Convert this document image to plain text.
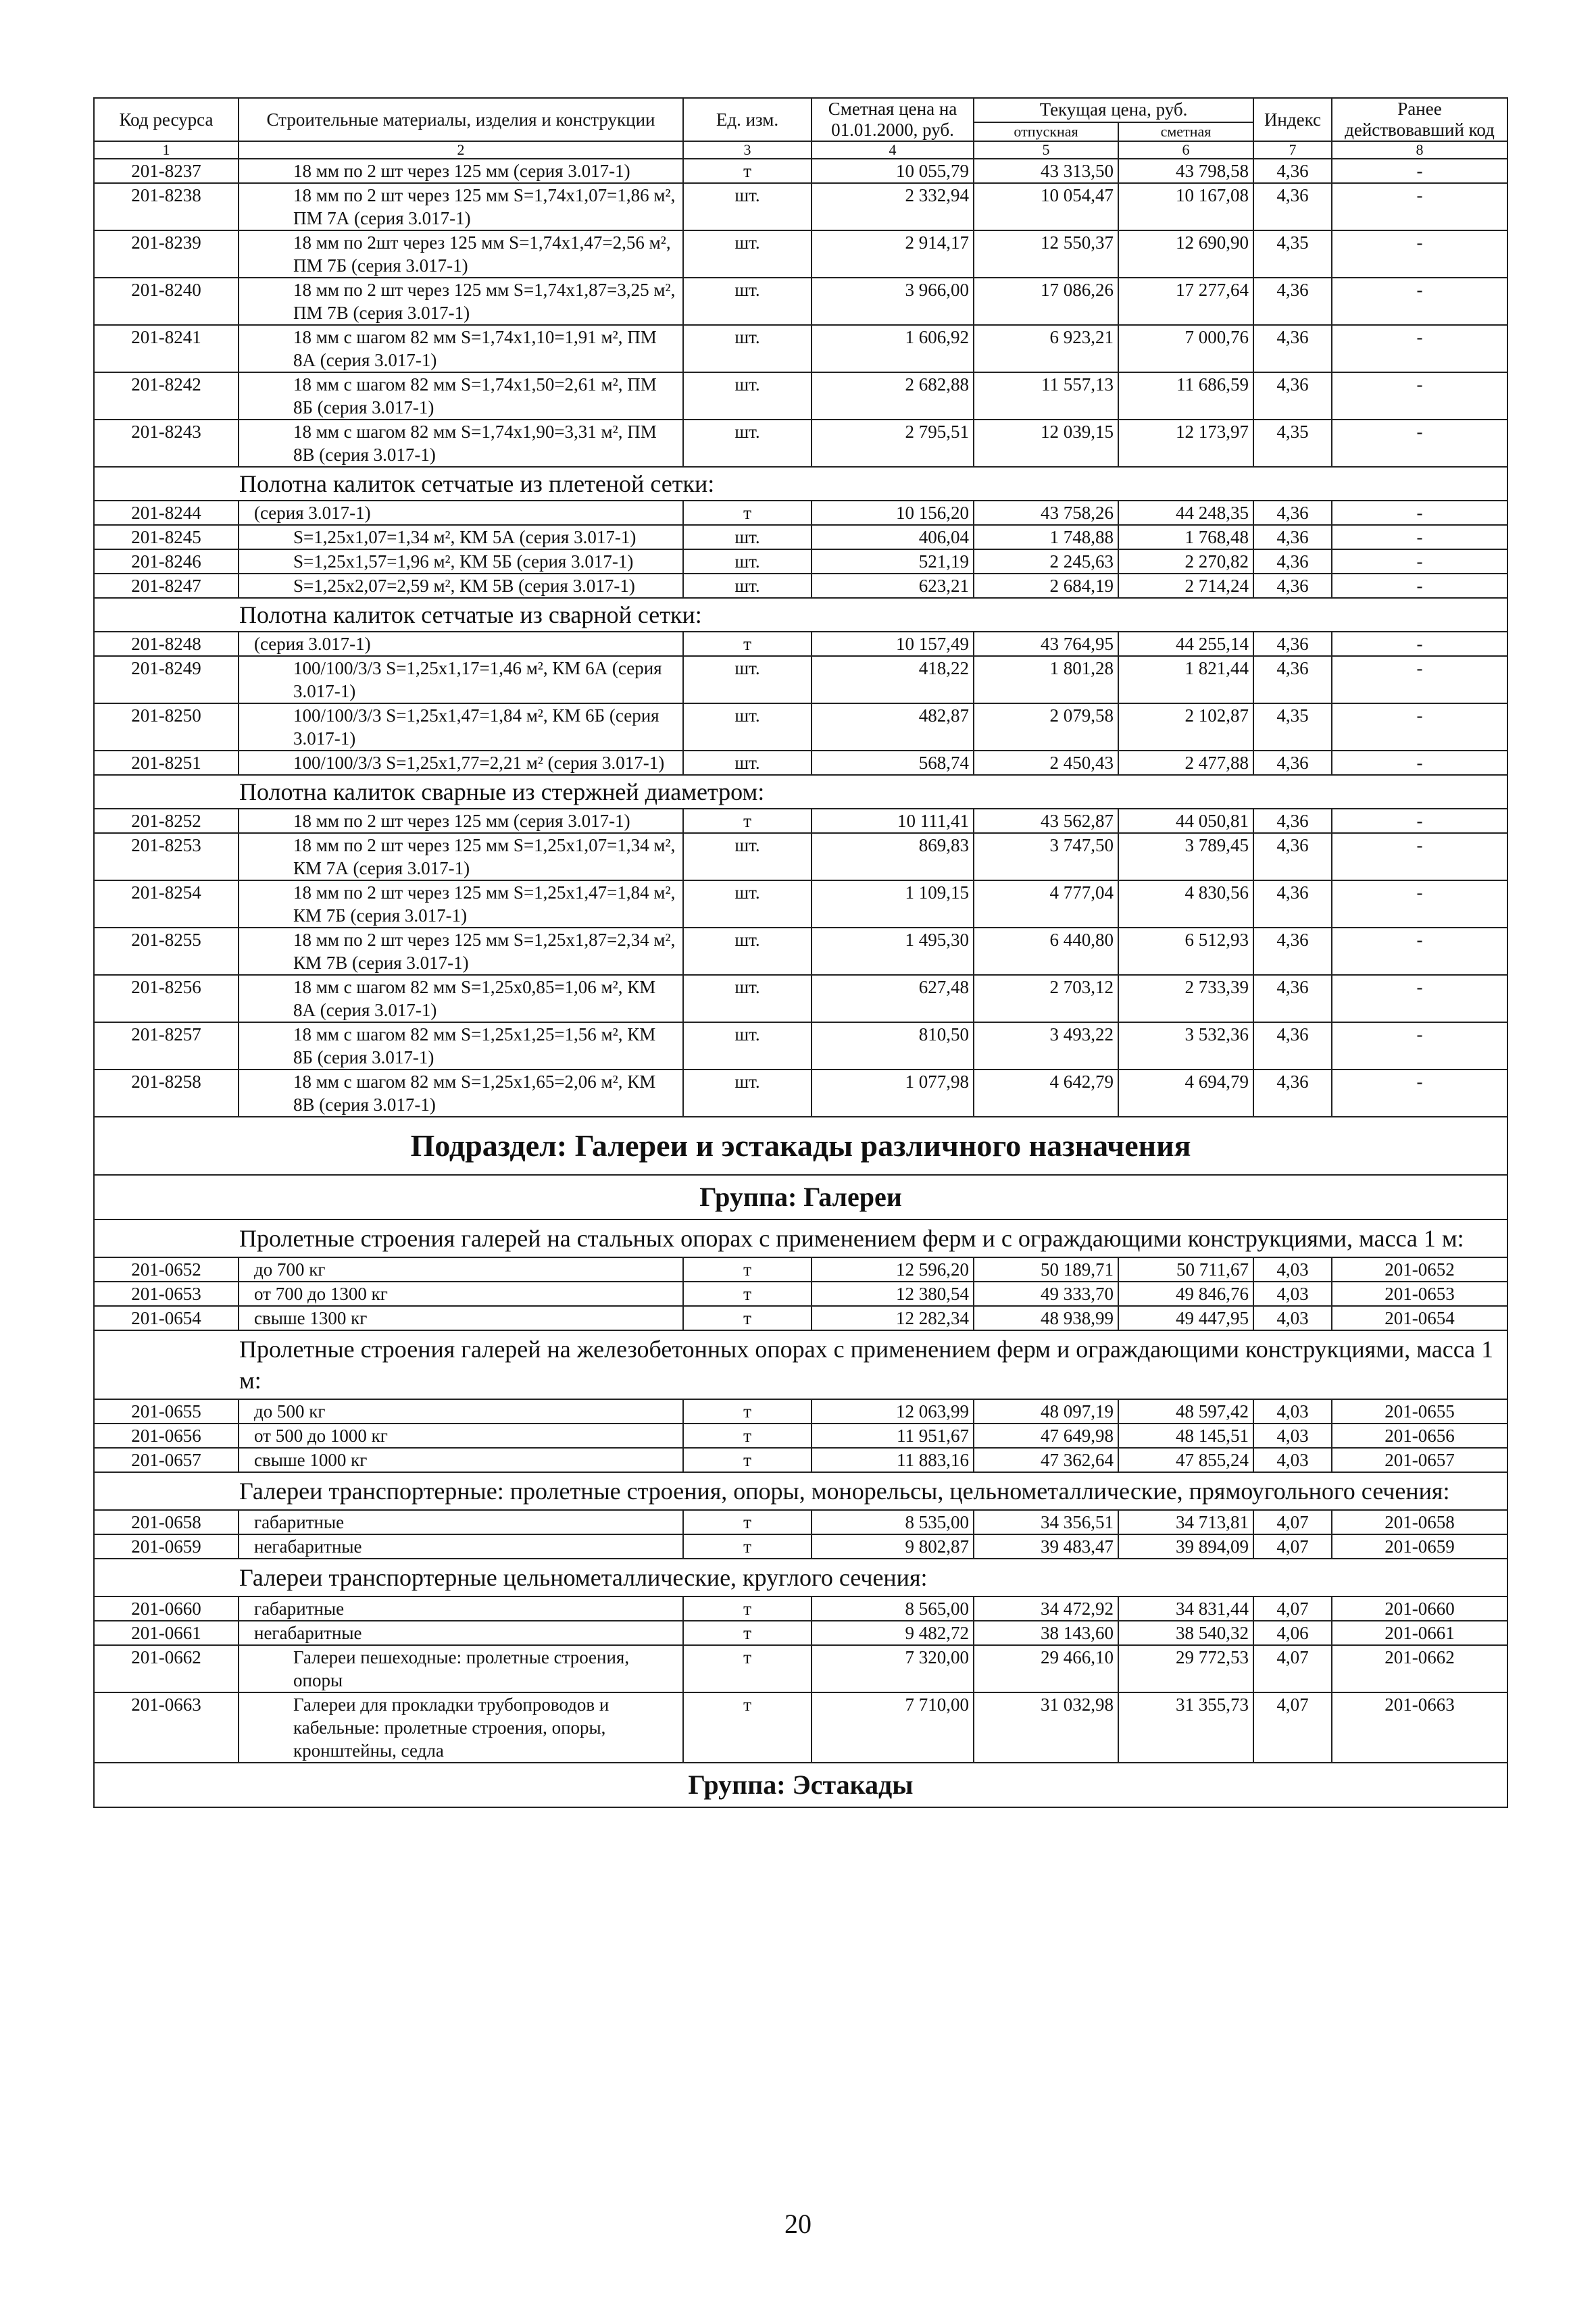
Код ресурса	Строительные материалы, изделия и конструкции	Ед. изм.	Сметная цена на 01.01.2000, руб.	Текущая цена, руб.		Индекс	Ранее действовавший код
				отпускная	сметная		
1	2	3	4	5	6	7	8
201-8237	18 мм по 2 шт через 125 мм (серия 3.017-1)	т	10 055,79	43 313,50	43 798,58	4,36	-
201-8238	18 мм по 2 шт через 125 мм S=1,74х1,07=1,86 м², ПМ 7А (серия 3.017-1)	шт.	2 332,94	10 054,47	10 167,08	4,36	-
201-8239	18 мм по 2шт через 125 мм S=1,74х1,47=2,56 м², ПМ 7Б (серия 3.017-1)	шт.	2 914,17	12 550,37	12 690,90	4,35	-
201-8240	18 мм по 2 шт через 125 мм S=1,74х1,87=3,25 м², ПМ 7В (серия 3.017-1)	шт.	3 966,00	17 086,26	17 277,64	4,36	-
201-8241	18 мм с шагом 82 мм S=1,74х1,10=1,91 м², ПМ 8А (серия 3.017-1)	шт.	1 606,92	6 923,21	7 000,76	4,36	-
201-8242	18 мм с шагом 82 мм S=1,74х1,50=2,61 м², ПМ 8Б (серия 3.017-1)	шт.	2 682,88	11 557,13	11 686,59	4,36	-
201-8243	18 мм с шагом 82 мм S=1,74х1,90=3,31 м², ПМ 8В (серия 3.017-1)	шт.	2 795,51	12 039,15	12 173,97	4,35	-
Полотна калиток сетчатые из плетеной сетки:							
201-8244	(серия 3.017-1)	т	10 156,20	43 758,26	44 248,35	4,36	-
201-8245	S=1,25х1,07=1,34 м², КМ 5А (серия 3.017-1)	шт.	406,04	1 748,88	1 768,48	4,36	-
201-8246	S=1,25х1,57=1,96 м², КМ 5Б (серия 3.017-1)	шт.	521,19	2 245,63	2 270,82	4,36	-
201-8247	S=1,25х2,07=2,59 м², КМ 5В (серия 3.017-1)	шт.	623,21	2 684,19	2 714,24	4,36	-
Полотна калиток сетчатые из сварной сетки:							
201-8248	(серия 3.017-1)	т	10 157,49	43 764,95	44 255,14	4,36	-
201-8249	100/100/3/3 S=1,25х1,17=1,46 м², КМ 6А (серия 3.017-1)	шт.	418,22	1 801,28	1 821,44	4,36	-
201-8250	100/100/3/3 S=1,25х1,47=1,84 м², КМ 6Б (серия 3.017-1)	шт.	482,87	2 079,58	2 102,87	4,35	-
201-8251	100/100/3/3 S=1,25х1,77=2,21 м² (серия 3.017-1)	шт.	568,74	2 450,43	2 477,88	4,36	-
Полотна калиток сварные из стержней диаметром:							
201-8252	18 мм по 2 шт через 125 мм (серия 3.017-1)	т	10 111,41	43 562,87	44 050,81	4,36	-
201-8253	18 мм по 2 шт через 125 мм S=1,25х1,07=1,34 м², КМ 7А (серия 3.017-1)	шт.	869,83	3 747,50	3 789,45	4,36	-
201-8254	18 мм по 2 шт через 125 мм S=1,25х1,47=1,84 м², КМ 7Б (серия 3.017-1)	шт.	1 109,15	4 777,04	4 830,56	4,36	-
201-8255	18 мм по 2 шт через 125 мм S=1,25х1,87=2,34 м², КМ 7В (серия 3.017-1)	шт.	1 495,30	6 440,80	6 512,93	4,36	-
201-8256	18 мм с шагом 82 мм S=1,25х0,85=1,06 м², КМ 8А (серия 3.017-1)	шт.	627,48	2 703,12	2 733,39	4,36	-
201-8257	18 мм с шагом 82 мм S=1,25х1,25=1,56 м², КМ 8Б (серия 3.017-1)	шт.	810,50	3 493,22	3 532,36	4,36	-
201-8258	18 мм с шагом 82 мм S=1,25х1,65=2,06 м², КМ 8В (серия 3.017-1)	шт.	1 077,98	4 642,79	4 694,79	4,36	-
Подраздел: Галереи и эстакады различного назначения							
Группа: Галереи							
Пролетные строения галерей на стальных опорах с применением ферм и с ограждающими конструкциями, масса 1 м:							
201-0652	до 700 кг	т	12 596,20	50 189,71	50 711,67	4,03	201-0652
201-0653	от 700 до 1300 кг	т	12 380,54	49 333,70	49 846,76	4,03	201-0653
201-0654	свыше 1300 кг	т	12 282,34	48 938,99	49 447,95	4,03	201-0654
Пролетные строения галерей на железобетонных опорах с применением ферм и ограждающими конструкциями, масса 1 м:							
201-0655	до 500 кг	т	12 063,99	48 097,19	48 597,42	4,03	201-0655
201-0656	от 500 до 1000 кг	т	11 951,67	47 649,98	48 145,51	4,03	201-0656
201-0657	свыше 1000 кг	т	11 883,16	47 362,64	47 855,24	4,03	201-0657
Галереи транспортерные: пролетные строения, опоры, монорельсы, цельнометаллические, прямоугольного сечения:							
201-0658	габаритные	т	8 535,00	34 356,51	34 713,81	4,07	201-0658
201-0659	негабаритные	т	9 802,87	39 483,47	39 894,09	4,07	201-0659
Галереи транспортерные цельнометаллические, круглого сечения:							
201-0660	габаритные	т	8 565,00	34 472,92	34 831,44	4,07	201-0660
201-0661	негабаритные	т	9 482,72	38 143,60	38 540,32	4,06	201-0661
201-0662	Галереи пешеходные: пролетные строения, опоры	т	7 320,00	29 466,10	29 772,53	4,07	201-0662
201-0663	Галереи для прокладки трубопроводов и кабельные: пролетные строения, опоры, кронштейны, седла	т	7 710,00	31 032,98	31 355,73	4,07	201-0663
Группа: Эстакады							
20
